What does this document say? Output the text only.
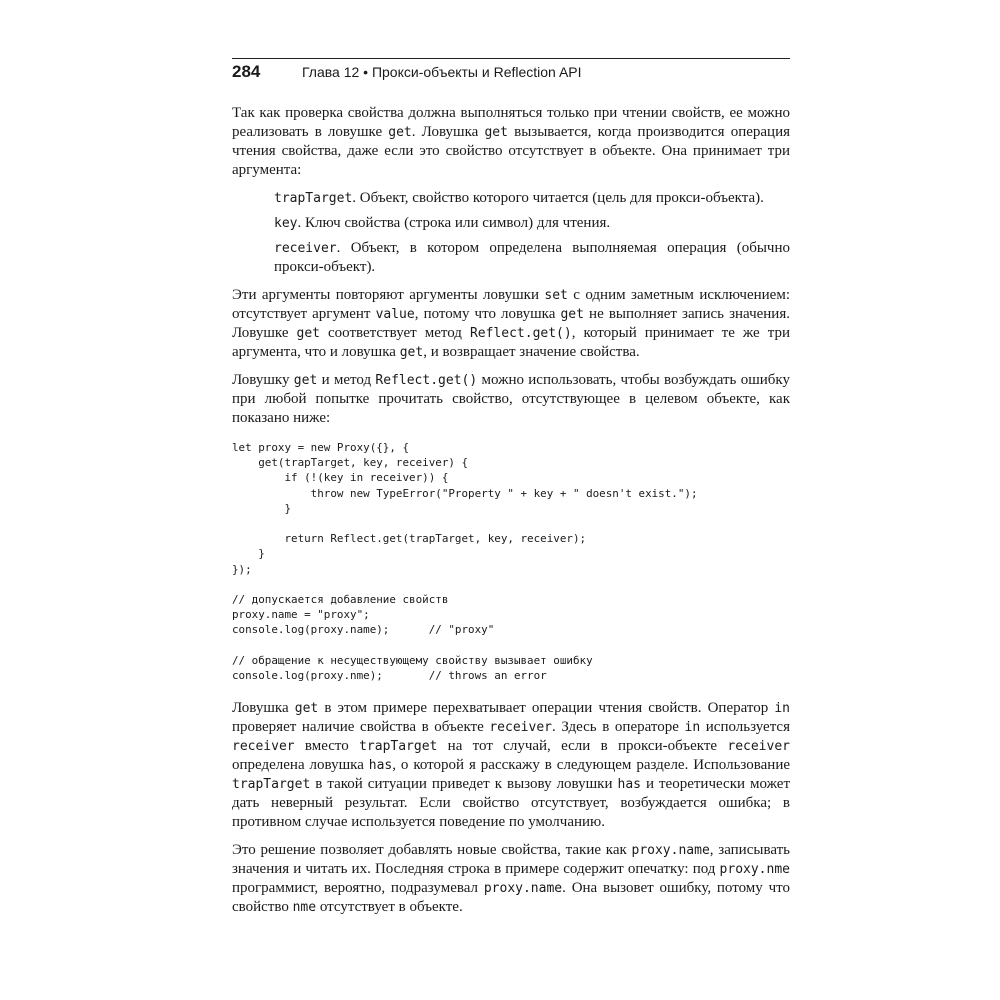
284	Глава 12 • Прокси-объекты и Reflection API

Так как проверка свойства должна выполняться только при чтении свойств, ее можно реализовать в ловушке get. Ловушка get вызывается, когда производится операция чтения свойства, даже если это свойство отсутствует в объекте. Она принимает три аргумента:

trapTarget. Объект, свойство которого читается (цель для прокси-объекта).

key. Ключ свойства (строка или символ) для чтения.

receiver. Объект, в котором определена выполняемая операция (обычно прокси-объект).

Эти аргументы повторяют аргументы ловушки set с одним заметным исключением: отсутствует аргумент value, потому что ловушка get не выполняет запись значения. Ловушке get соответствует метод Reflect.get(), который принимает те же три аргумента, что и ловушка get, и возвращает значение свойства.

Ловушку get и метод Reflect.get() можно использовать, чтобы возбуждать ошибку при любой попытке прочитать свойство, отсутствующее в целевом объекте, как показано ниже:

let proxy = new Proxy({}, {
get(trapTarget, key, receiver) {
if (!(key in receiver)) {
throw new TypeError("Property " + key + " doesn't exist.");
}
return Reflect.get(trapTarget, key, receiver);
}
});
// допускается добавление свойств
proxy.name = "proxy";
console.log(proxy.name);      // "proxy"
// обращение к несуществующему свойству вызывает ошибку
console.log(proxy.nme);       // throws an error

Ловушка get в этом примере перехватывает операции чтения свойств. Оператор in проверяет наличие свойства в объекте receiver. Здесь в операторе in используется receiver вместо trapTarget на тот случай, если в прокси-объекте receiver определена ловушка has, о которой я расскажу в следующем разделе. Использование trapTarget в такой ситуации приведет к вызову ловушки has и теоретически может дать неверный результат. Если свойство отсутствует, возбуждается ошибка; в противном случае используется поведение по умолчанию.

Это решение позволяет добавлять новые свойства, такие как proxy.name, записывать значения и читать их. Последняя строка в примере содержит опечатку: под proxy.nme программист, вероятно, подразумевал proxy.name. Она вызовет ошибку, потому что свойство nme отсутствует в объекте.
